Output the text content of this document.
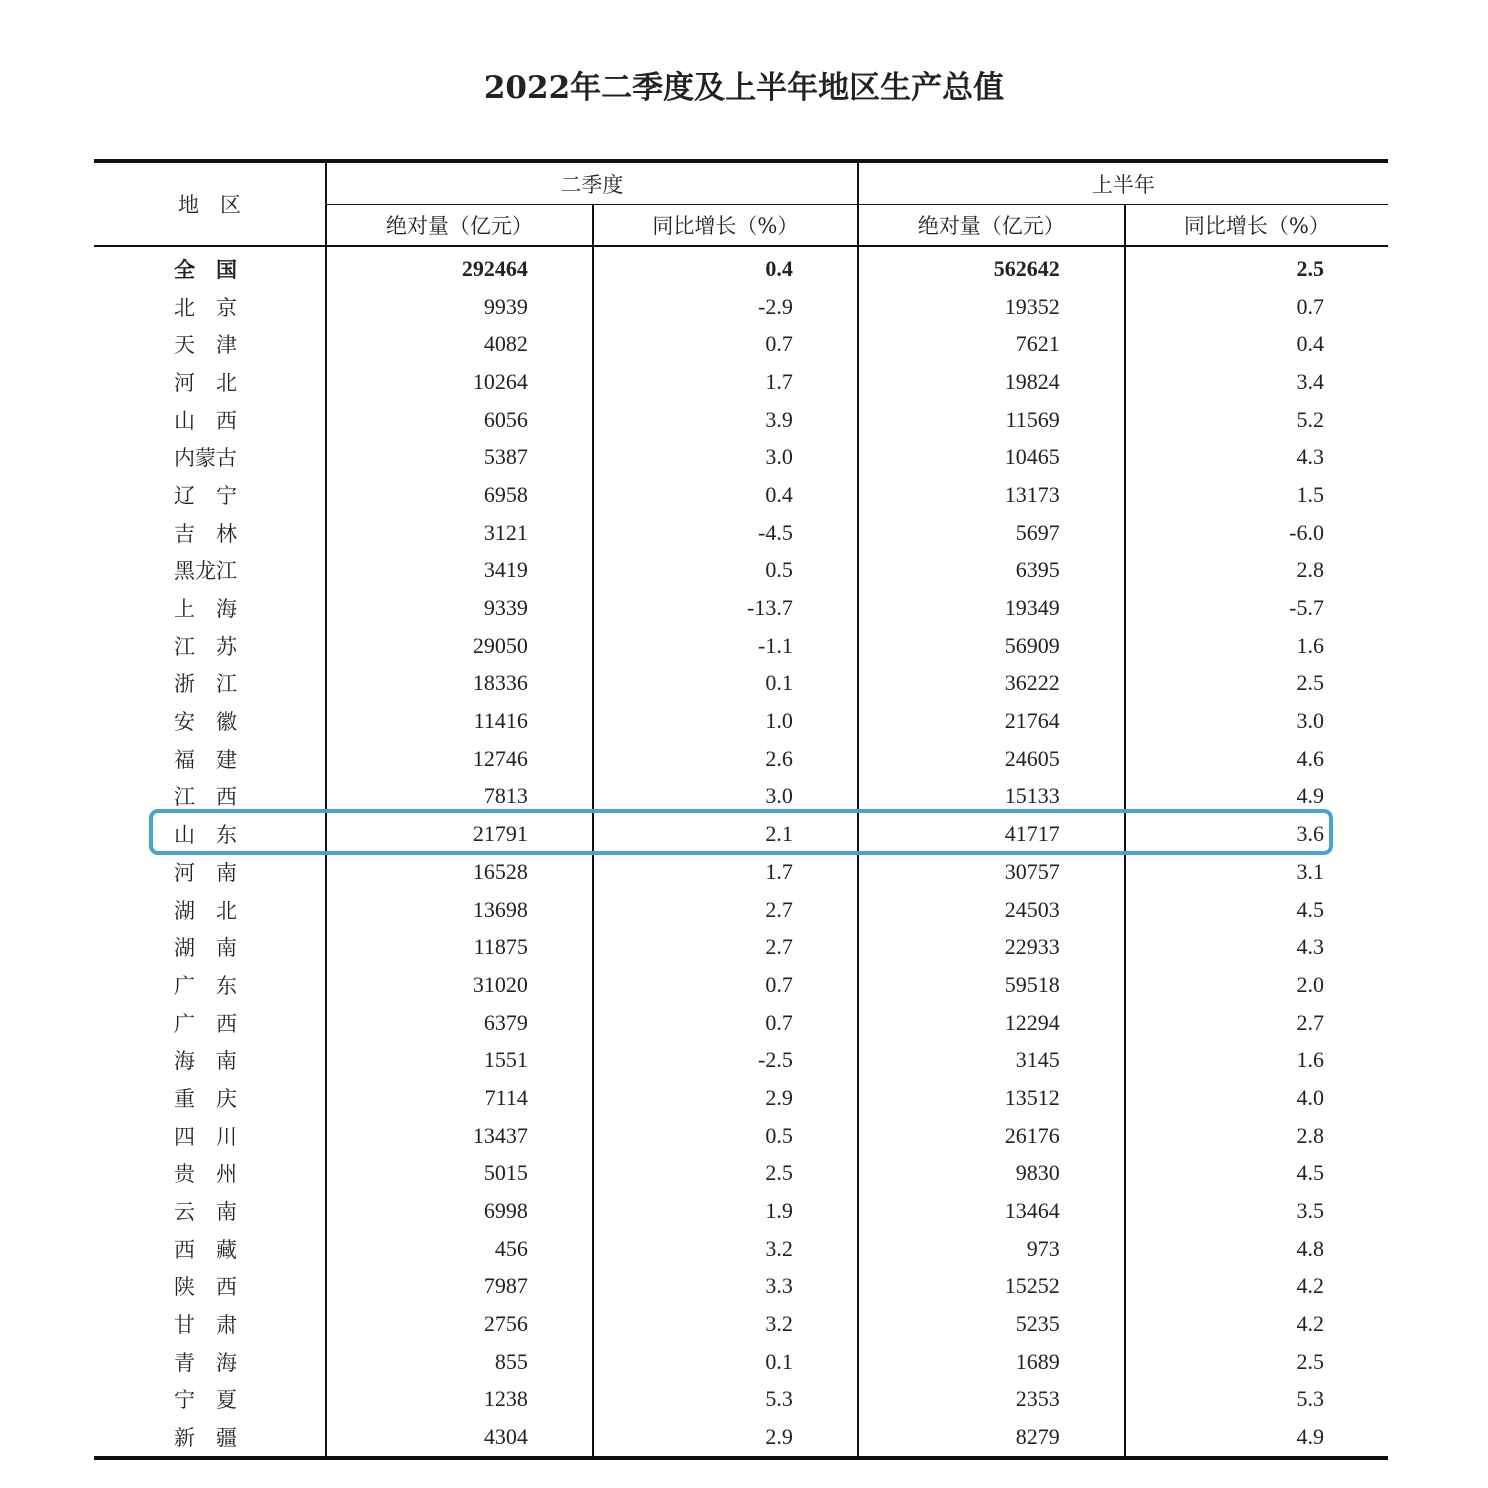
2022年二季度及上半年地区生产总值
地　区	二季度		上半年	
	绝对量（亿元）	同比增长（%）	绝对量（亿元）	同比增长（%）
全　国	292464	0.4	562642	2.5
北　京	9939	-2.9	19352	0.7
天　津	4082	0.7	7621	0.4
河　北	10264	1.7	19824	3.4
山　西	6056	3.9	11569	5.2
内蒙古	5387	3.0	10465	4.3
辽　宁	6958	0.4	13173	1.5
吉　林	3121	-4.5	5697	-6.0
黑龙江	3419	0.5	6395	2.8
上　海	9339	-13.7	19349	-5.7
江　苏	29050	-1.1	56909	1.6
浙　江	18336	0.1	36222	2.5
安　徽	11416	1.0	21764	3.0
福　建	12746	2.6	24605	4.6
江　西	7813	3.0	15133	4.9
山　东	21791	2.1	41717	3.6
河　南	16528	1.7	30757	3.1
湖　北	13698	2.7	24503	4.5
湖　南	11875	2.7	22933	4.3
广　东	31020	0.7	59518	2.0
广　西	6379	0.7	12294	2.7
海　南	1551	-2.5	3145	1.6
重　庆	7114	2.9	13512	4.0
四　川	13437	0.5	26176	2.8
贵　州	5015	2.5	9830	4.5
云　南	6998	1.9	13464	3.5
西　藏	456	3.2	973	4.8
陕　西	7987	3.3	15252	4.2
甘　肃	2756	3.2	5235	4.2
青　海	855	0.1	1689	2.5
宁　夏	1238	5.3	2353	5.3
新　疆	4304	2.9	8279	4.9
